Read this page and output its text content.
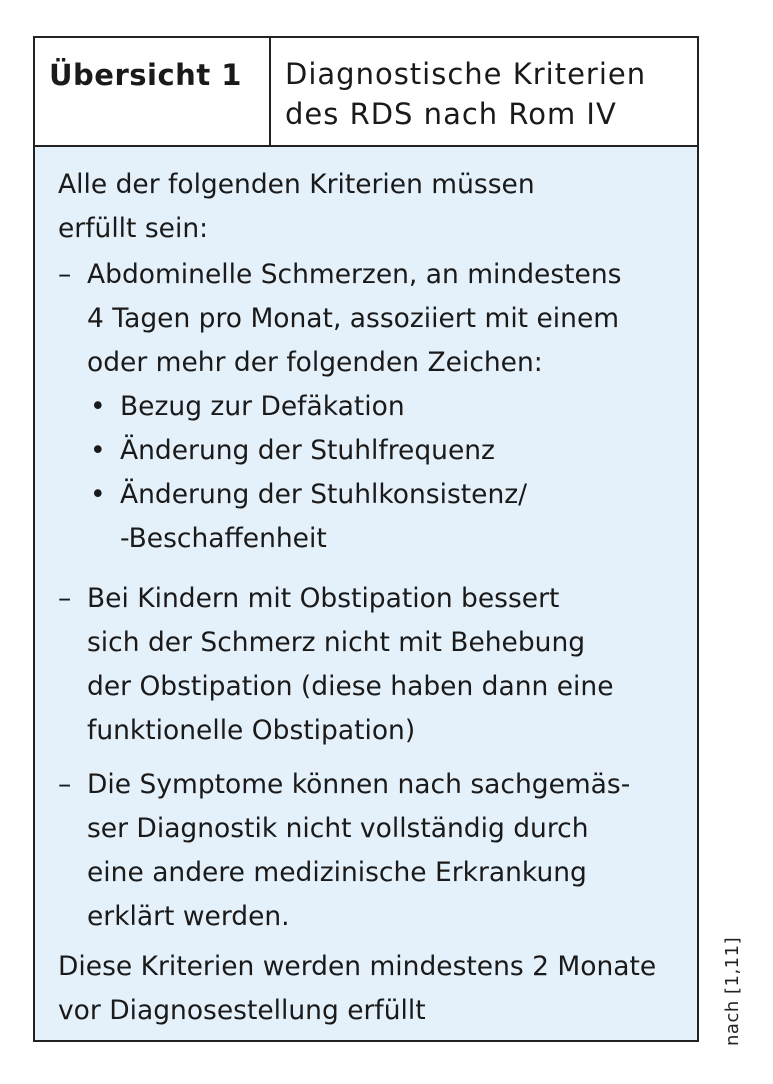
Übersicht 1 Diagnostische Kriterien
des RDS nach Rom IV
Alle der folgenden Kriterien müssen
erfüllt sein:
– Abdominelle Schmerzen, an mindestens
4 Tagen pro Monat, assoziiert mit einem
oder mehr der folgenden Zeichen:
• Bezug zur Defäkation
• Änderung der Stuhlfrequenz
• Änderung der Stuhlkonsistenz/
-Beschaffenheit
– Bei Kindern mit Obstipation bessert
sich der Schmerz nicht mit Behebung
der Obstipation (diese haben dann eine
funktionelle Obstipation)
– Die Symptome können nach sachgemäs-
ser Diagnostik nicht vollständig durch
eine andere medizinische Erkrankung
erklärt werden.
Diese Kriterien werden mindestens 2 Monate
vor Diagnosestellung erfüllt	nach [1,11]
